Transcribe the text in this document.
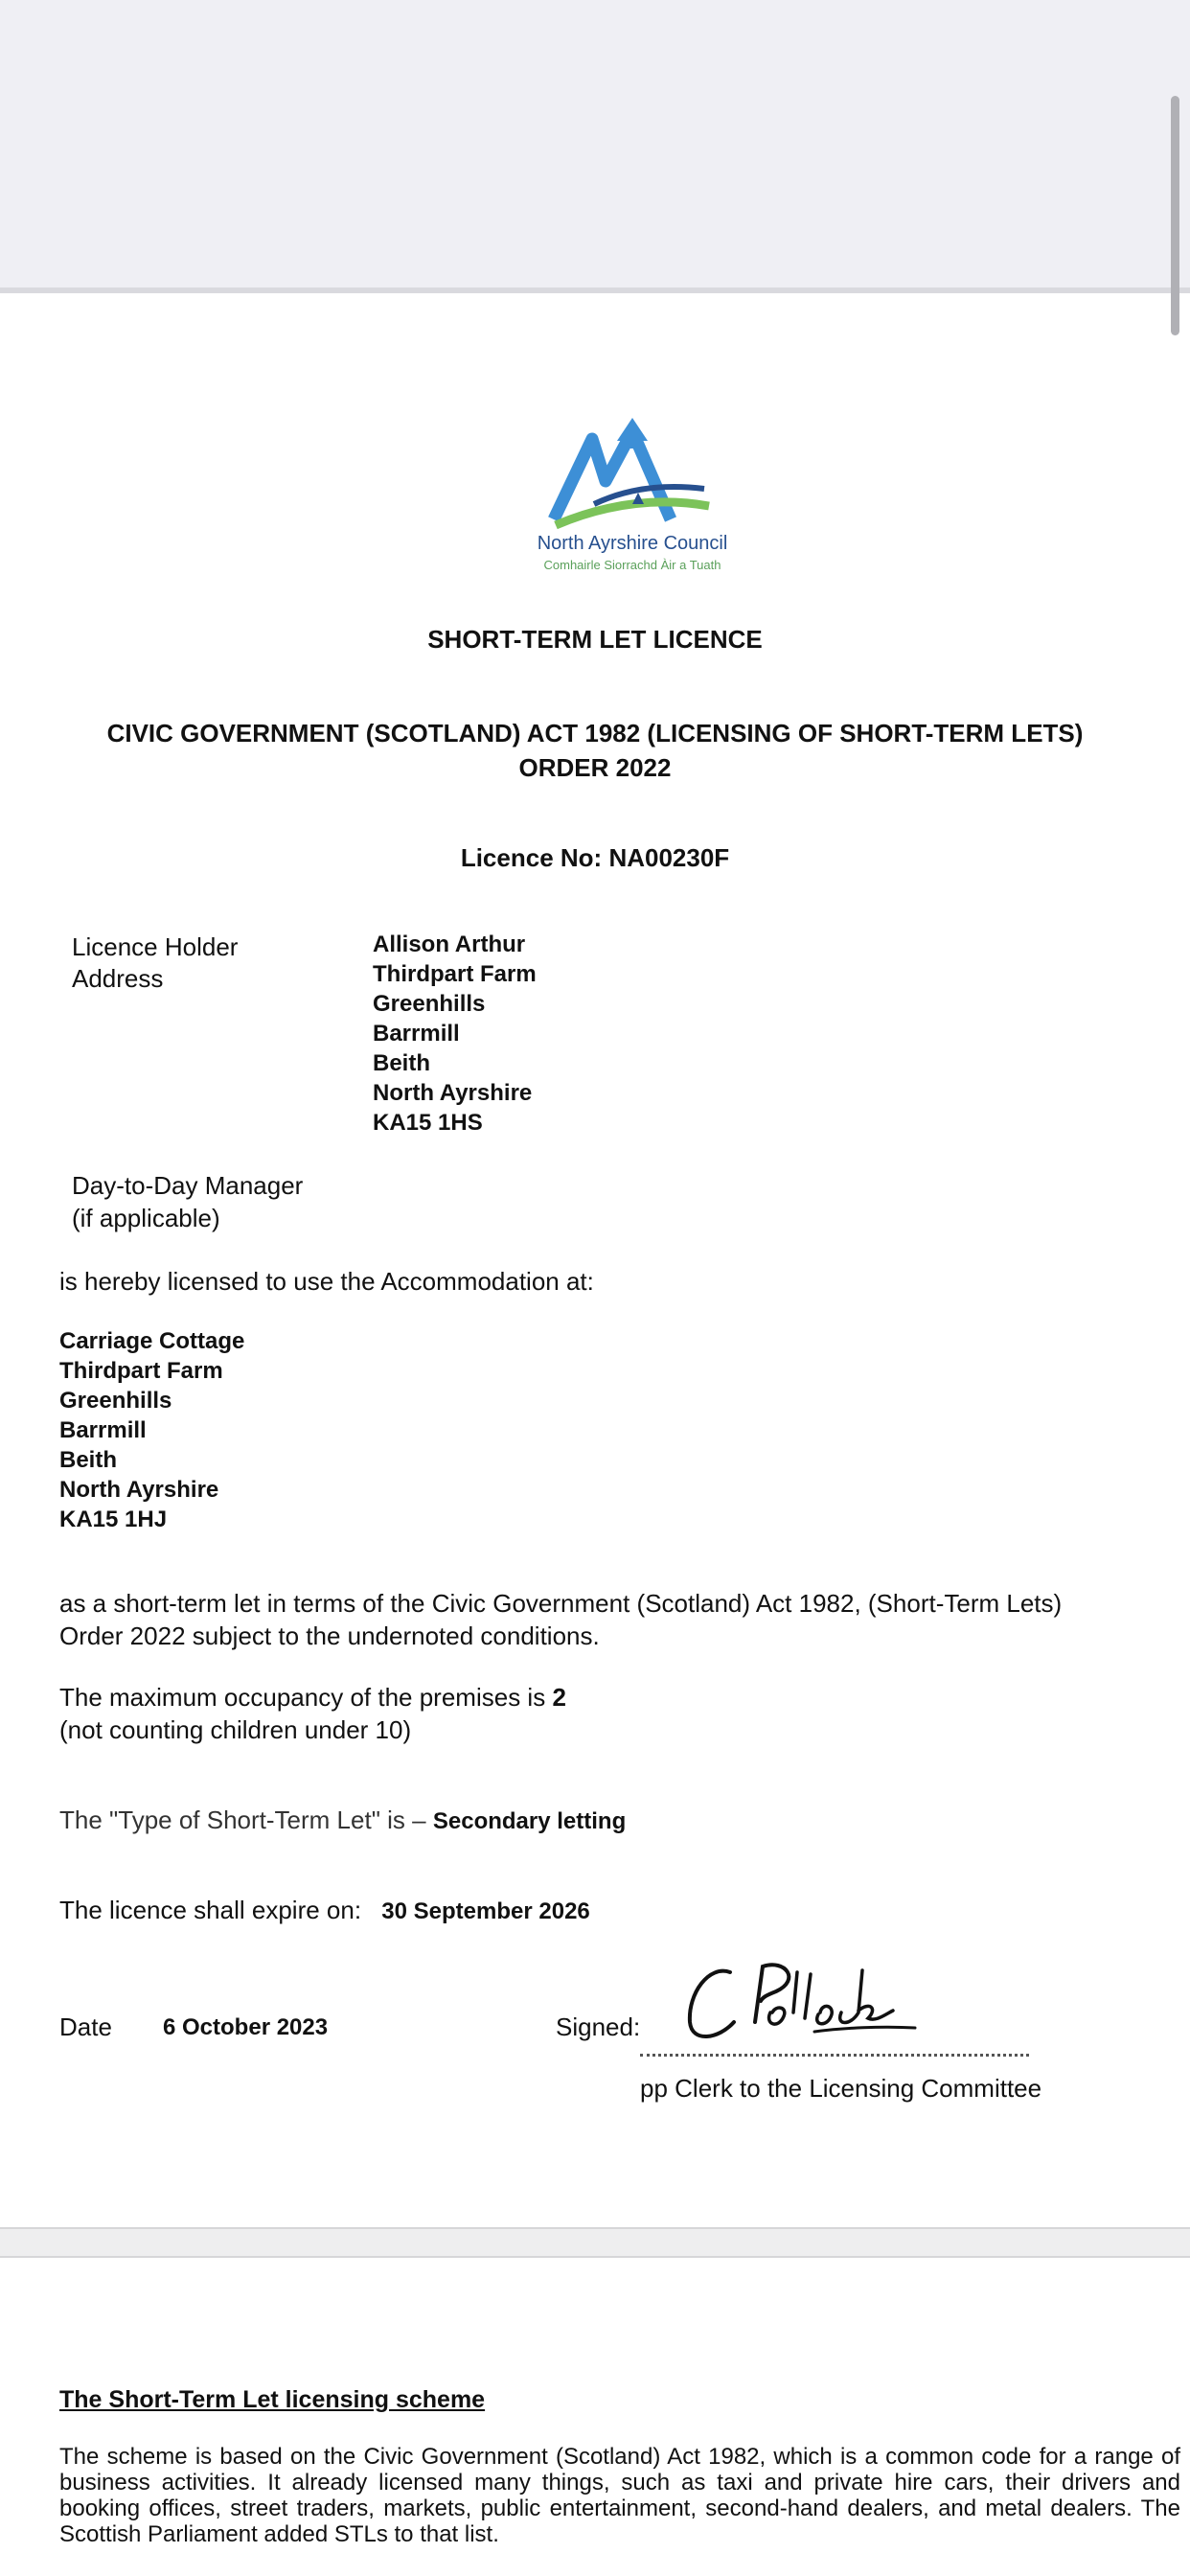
North Ayrshire Council
Comhairle Siorrachd Àir a Tuath
SHORT-TERM LET LICENCE
CIVIC GOVERNMENT (SCOTLAND) ACT 1982 (LICENSING OF SHORT-TERM LETS)
ORDER 2022
Licence No: NA00230F
Licence Holder
Address
Allison Arthur
Thirdpart Farm
Greenhills
Barrmill
Beith
North Ayrshire
KA15 1HS
Day-to-Day Manager
(if applicable)
is hereby licensed to use the Accommodation at:
Carriage Cottage
Thirdpart Farm
Greenhills
Barrmill
Beith
North Ayrshire
KA15 1HJ
as a short-term let in terms of the Civic Government (Scotland) Act 1982, (Short-Term Lets)
Order 2022 subject to the undernoted conditions.
The maximum occupancy of the premises is 2
(not counting children under 10)
The "Type of Short-Term Let" is – Secondary letting
The licence shall expire on: 30 September 2026
Date 6 October 2023	Signed:
pp Clerk to the Licensing Committee
The Short-Term Let licensing scheme
The scheme is based on the Civic Government (Scotland) Act 1982, which is a common code for a range of business activities. It already licensed many things, such as taxi and private hire cars, their drivers and booking offices, street traders, markets, public entertainment, second-hand dealers, and metal dealers. The Scottish Parliament added STLs to that list.
